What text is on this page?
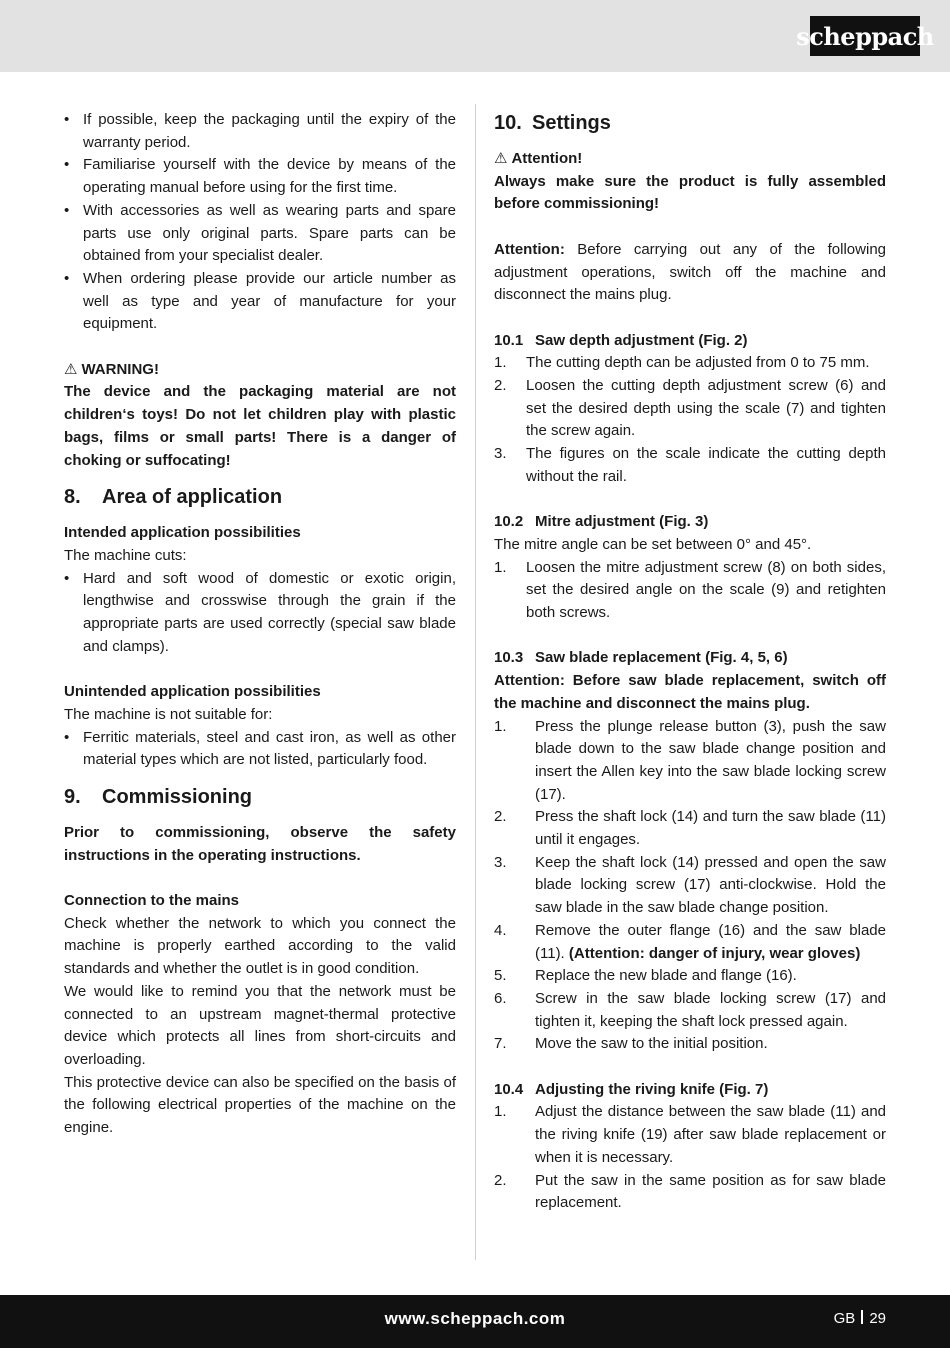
scheppach
• If possible, keep the packaging until the expiry of the warranty period.
• Familiarise yourself with the device by means of the operating manual before using for the first time.
• With accessories as well as wearing parts and spare parts use only original parts. Spare parts can be obtained from your specialist dealer.
• When ordering please provide our article number as well as type and year of manufacture for your equipment.

⚠ WARNING!

The device and the packaging material are not children‘s toys! Do not let children play with plastic bags, films or small parts! There is a danger of choking or suffocating!

8. Area of application

Intended application possibilities

The machine cuts:

• Hard and soft wood of domestic or exotic origin, lengthwise and crosswise through the grain if the appropriate parts are used correctly (special saw blade and clamps).

Unintended application possibilities

The machine is not suitable for:

• Ferritic materials, steel and cast iron, as well as other material types which are not listed, particularly food.
9. Commissioning

Prior to commissioning, observe the safety instructions in the operating instructions.

Connection to the mains

Check whether the network to which you connect the machine is properly earthed according to the valid standards and whether the outlet is in good condition.

We would like to remind you that the network must be connected to an upstream magnet-thermal protective device which protects all lines from short-circuits and overloading.

This protective device can also be specified on the basis of the following electrical properties of the machine on the engine.

10. Settings

⚠ Attention!

Always make sure the product is fully assembled before commissioning!

Attention: Before carrying out any of the following adjustment operations, switch off the machine and disconnect the mains plug.

10.1 Saw depth adjustment (Fig. 2)

1. The cutting depth can be adjusted from 0 to 75 mm.
2. Loosen the cutting depth adjustment screw (6) and set the desired depth using the scale (7) and tighten the screw again.
3. The figures on the scale indicate the cutting depth without the rail.

10.2 Mitre adjustment (Fig. 3)

The mitre angle can be set between 0° and 45°.

1. Loosen the mitre adjustment screw (8) on both sides, set the desired angle on the scale (9) and retighten both screws.

10.3 Saw blade replacement (Fig. 4, 5, 6)

Attention: Before saw blade replacement, switch off the machine and disconnect the mains plug.

1. Press the plunge release button (3), push the saw blade down to the saw blade change position and insert the Allen key into the saw blade locking screw (17).
2. Press the shaft lock (14) and turn the saw blade (11) until it engages.
3. Keep the shaft lock (14) pressed and open the saw blade locking screw (17) anti-clockwise. Hold the saw blade in the saw blade change position.
4. Remove the outer flange (16) and the saw blade (11). (Attention: danger of injury, wear gloves)
5. Replace the new blade and flange (16).
6. Screw in the saw blade locking screw (17) and tighten it, keeping the shaft lock pressed again.
7. Move the saw to the initial position.

10.4 Adjusting the riving knife (Fig. 7)

1. Adjust the distance between the saw blade (11) and the riving knife (19) after saw blade replacement or when it is necessary.
2. Put the saw in the same position as for saw blade replacement.
www.scheppach.com	GB 29
